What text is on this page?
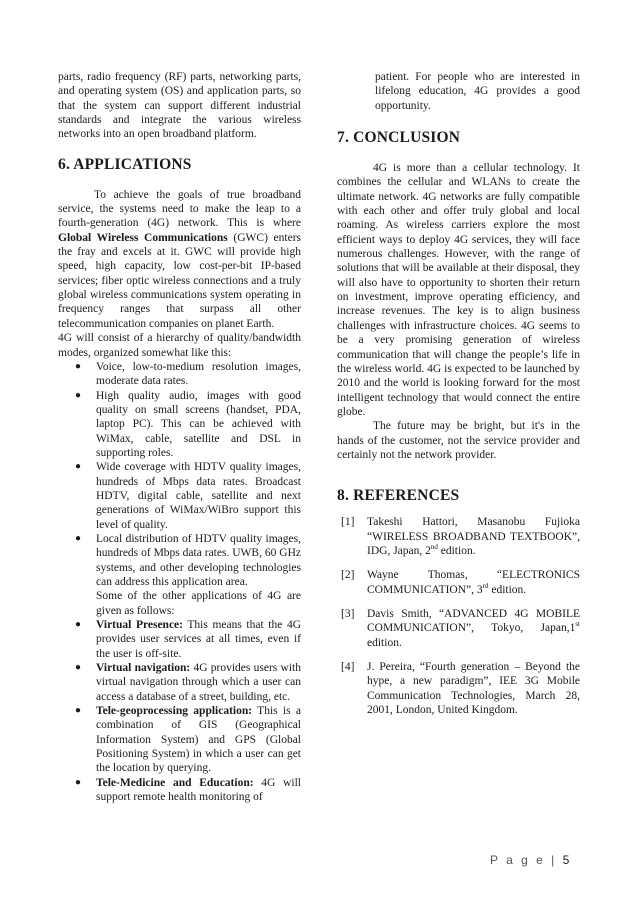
parts, radio frequency (RF) parts, networking parts, and operating system (OS) and application parts, so that the system can support different industrial standards and integrate the various wireless networks into an open broadband platform.

6. APPLICATIONS

To achieve the goals of true broadband service, the systems need to make the leap to a fourth-generation (4G) network. This is where Global Wireless Communications (GWC) enters the fray and excels at it. GWC will provide high speed, high capacity, low cost-per-bit IP-based services; fiber optic wireless connections and a truly global wireless communications system operating in frequency ranges that surpass all other telecommunication companies on planet Earth.

4G will consist of a hierarchy of quality/bandwidth modes, organized somewhat like this:

● Voice, low-to-medium resolution images, moderate data rates.
● High quality audio, images with good quality on small screens (handset, PDA, laptop PC). This can be achieved with WiMax, cable, satellite and DSL in supporting roles.
● Wide coverage with HDTV quality images, hundreds of Mbps data rates. Broadcast HDTV, digital cable, satellite and next generations of WiMax/WiBro support this level of quality.
● Local distribution of HDTV quality images, hundreds of Mbps data rates. UWB, 60 GHz systems, and other developing technologies can address this application area.

Some of the other applications of 4G are given as follows:

● Virtual Presence: This means that the 4G provides user services at all times, even if the user is off-site.
● Virtual navigation: 4G provides users with virtual navigation through which a user can access a database of a street, building, etc.
● Tele-geoprocessing application: This is a combination of GIS (Geographical Information System) and GPS (Global Positioning System) in which a user can get the location by querying.
● Tele-Medicine and Education: 4G will support remote health monitoring of

patient. For people who are interested in lifelong education, 4G provides a good opportunity.

7. CONCLUSION

4G is more than a cellular technology. It combines the cellular and WLANs to create the ultimate network. 4G networks are fully compatible with each other and offer truly global and local roaming. As wireless carriers explore the most efficient ways to deploy 4G services, they will face numerous challenges. However, with the range of solutions that will be available at their disposal, they will also have to opportunity to shorten their return on investment, improve operating efficiency, and increase revenues. The key is to align business challenges with infrastructure choices. 4G seems to be a very promising generation of wireless communication that will change the people’s life in the wireless world. 4G is expected to be launched by 2010 and the world is looking forward for the most intelligent technology that would connect the entire globe.

The future may be bright, but it's in the hands of the customer, not the service provider and certainly not the network provider.

8. REFERENCES

[1] Takeshi Hattori, Masanobu Fujioka “WIRELESS BROADBAND TEXTBOOK”, IDG, Japan, 2nd edition.

[2] Wayne Thomas, “ELECTRONICS COMMUNICATION”, 3rd edition.

[3] Davis Smith, “ADVANCED 4G MOBILE COMMUNICATION”, Tokyo, Japan,1st edition.

[4] J. Pereira, “Fourth generation – Beyond the hype, a new paradigm”, IEE 3G Mobile Communication Technologies, March 28, 2001, London, United Kingdom.

P a g e | 5
